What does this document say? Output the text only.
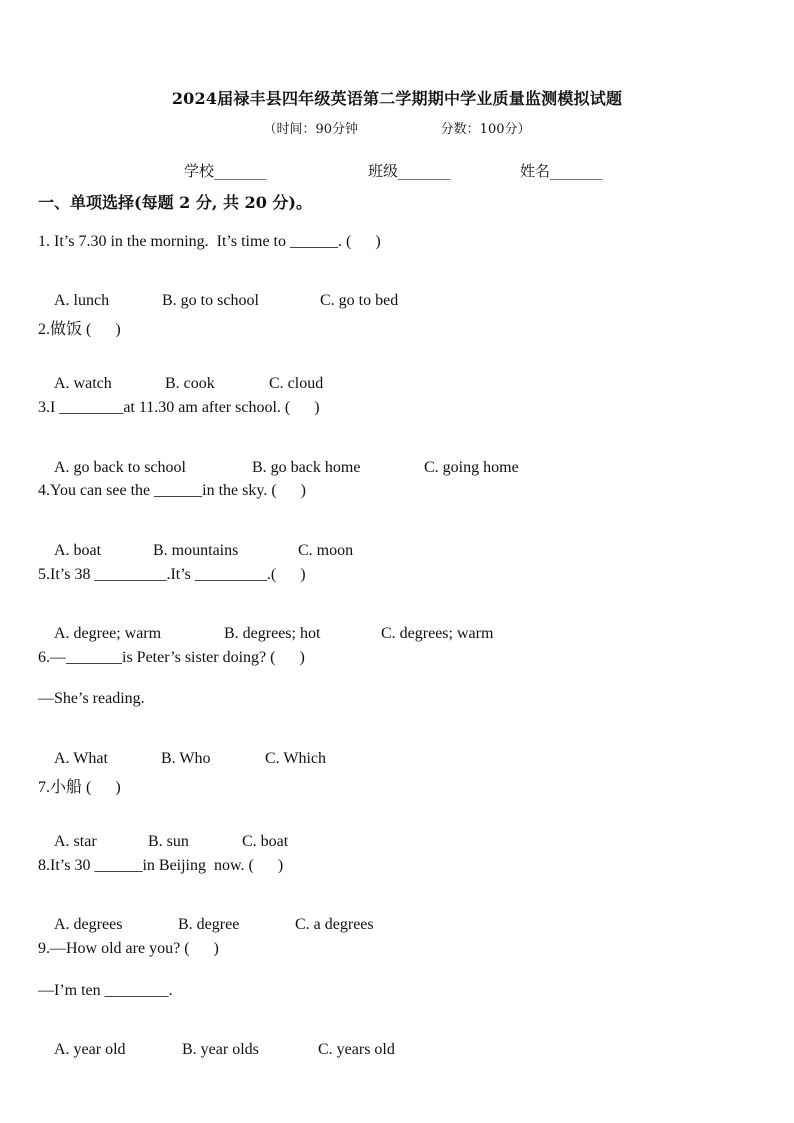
2024届禄丰县四年级英语第二学期期中学业质量监测模拟试题
（时间：90分钟                    分数：100分）
学校_______	班级_______	姓名_______
一、单项选择(每题 2 分, 共 20 分)。
1. It’s 7.30 in the morning.  It’s time to ______. (      )

A. lunch	B. go to school	C. go to bed

2.做饭 (      )

A. watch	B. cook	C. cloud

3.I ________at 11.30 am after school. (      )

A. go back to school	B. go back home	C. going home

4.You can see the ______in the sky. (      )

A. boat	B. mountains	C. moon

5.It’s 38 _________.It’s _________.(      )

A. degree; warm	B. degrees; hot	C. degrees; warm

6.—_______is Peter’s sister doing? (      )
—She’s reading.

A. What	B. Who	C. Which

7.小船 (      )

A. star	B. sun	C. boat

8.It’s 30 ______in Beijing  now. (      )

A. degrees	B. degree	C. a degrees

9.—How old are you? (      )
—I’m ten ________.

A. year old	B. year olds	C. years old
